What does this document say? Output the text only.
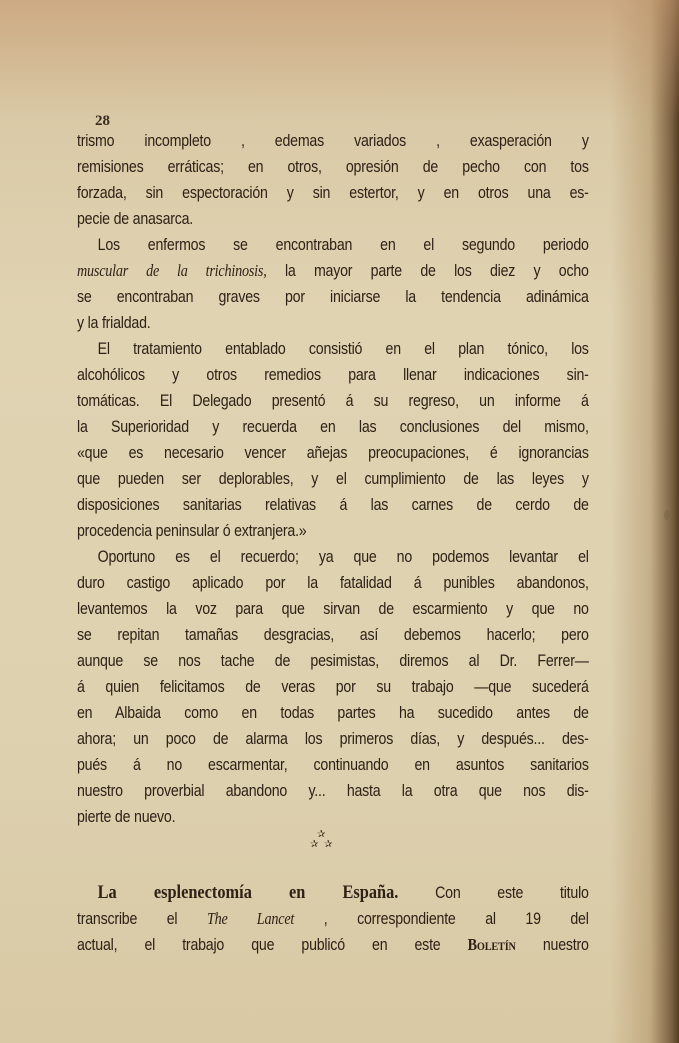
28
trismo incompleto , edemas variados , exasperación y
remisiones erráticas; en otros, opresión de pecho con tos
forzada, sin espectoración y sin estertor, y en otros una es-
pecie de anasarca.
Los enfermos se encontraban en el segundo periodo
muscular de la trichinosis, la mayor parte de los diez y ocho
se encontraban graves por iniciarse la tendencia adinámica
y la frialdad.
El tratamiento entablado consistió en el plan tónico, los
alcohólicos y otros remedios para llenar indicaciones sin-
tomáticas. El Delegado presentó á su regreso, un informe á
la Superioridad y recuerda en las conclusiones del mismo,
«que es necesario vencer añejas preocupaciones, é ignorancias
que pueden ser deplorables, y el cumplimiento de las leyes y
disposiciones sanitarias relativas á las carnes de cerdo de
procedencia peninsular ó extranjera.»
Oportuno es el recuerdo; ya que no podemos levantar el
duro castigo aplicado por la fatalidad á punibles abandonos,
levantemos la voz para que sirvan de escarmiento y que no
se repitan tamañas desgracias, así debemos hacerlo; pero
aunque se nos tache de pesimistas, diremos al Dr. Ferrer—
á quien felicitamos de veras por su trabajo —que sucederá
en Albaida como en todas partes ha sucedido antes de
ahora; un poco de alarma los primeros días, y después... des-
pués á no escarmentar, continuando en asuntos sanitarios
nuestro proverbial abandono y... hasta la otra que nos dis-
pierte de nuevo.
✰
✰ ✰
La esplenectomía en España. Con este titulo
transcribe el The Lancet , correspondiente al 19 del
actual, el trabajo que publicó en este Boletín nuestro
